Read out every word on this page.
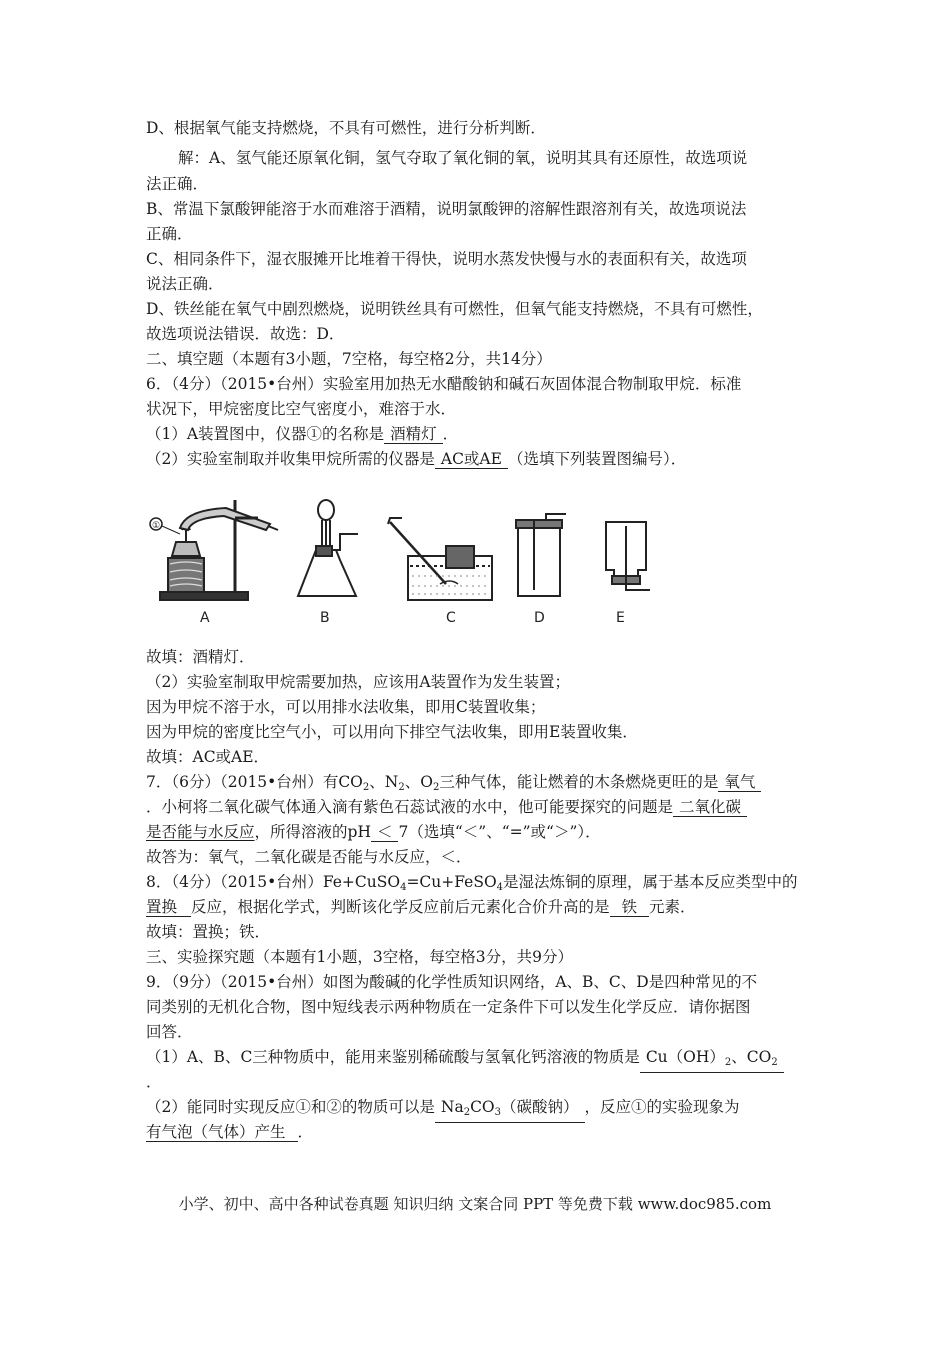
D、根据氧气能支持燃烧，不具有可燃性，进行分析判断．
解：A、氢气能还原氧化铜，氢气夺取了氧化铜的氧，说明其具有还原性，故选项说
法正确．
B、常温下氯酸钾能溶于水而难溶于酒精，说明氯酸钾的溶解性跟溶剂有关，故选项说法
正确．
C、相同条件下，湿衣服摊开比堆着干得快，说明水蒸发快慢与水的表面积有关，故选项
说法正确．
D、铁丝能在氧气中剧烈燃烧，说明铁丝具有可燃性，但氧气能支持燃烧，不具有可燃性，
故选项说法错误．故选：D．
二、填空题（本题有3小题，7空格，每空格2分，共14分）
6．（4分）（2015•台州）实验室用加热无水醋酸钠和碱石灰固体混合物制取甲烷．标准
状况下，甲烷密度比空气密度小，难溶于水．
（1）A装置图中，仪器①的名称是 酒精灯 ．
（2）实验室制取并收集甲烷所需的仪器是 AC或AE （选填下列装置图编号）．
①
A	B	C	D	E
故填：酒精灯．
（2）实验室制取甲烷需要加热，应该用A装置作为发生装置；
因为甲烷不溶于水，可以用排水法收集，即用C装置收集；
因为甲烷的密度比空气小，可以用向下排空气法收集，即用E装置收集．
故填：AC或AE．
7．（6分）（2015•台州）有$CO_2$、$N_2$、$O_2$三种气体，能让燃着的木条燃烧更旺的是 氧气
．小柯将二氧化碳气体通入滴有紫色石蕊试液的水中，他可能要探究的问题是 二氧化碳
是否能与水反应，所得溶液的pH ＜ 7（选填“＜”、“=”或“＞”）．
故答为：氧气，二氧化碳是否能与水反应，＜．
8．（4分）（2015•台州）Fe+CuSO$_4$=Cu+FeSO$_4$是湿法炼铜的原理，属于基本反应类型中的
置换 反应，根据化学式，判断该化学反应前后元素化合价升高的是 铁 元素．
故填：置换；铁．
三、实验探究题（本题有1小题，3空格，每空格3分，共9分）
9．（9分）（2015•台州）如图为酸碱的化学性质知识网络，A、B、C、D是四种常见的不
同类别的无机化合物，图中短线表示两种物质在一定条件下可以发生化学反应．请你据图
回答．
（1）A、B、C三种物质中，能用来鉴别稀硫酸与氢氧化钙溶液的物质是 $Cu(OH)_2$、$CO_2$
．
（2）能同时实现反应①和②的物质可以是 $Na_2CO_3$（碳酸钠） ，反应①的实验现象为
有气泡（气体）产生 ．
小学、初中、高中各种试卷真题 知识归纳 文案合同 PPT 等免费下载 www.doc985.com
